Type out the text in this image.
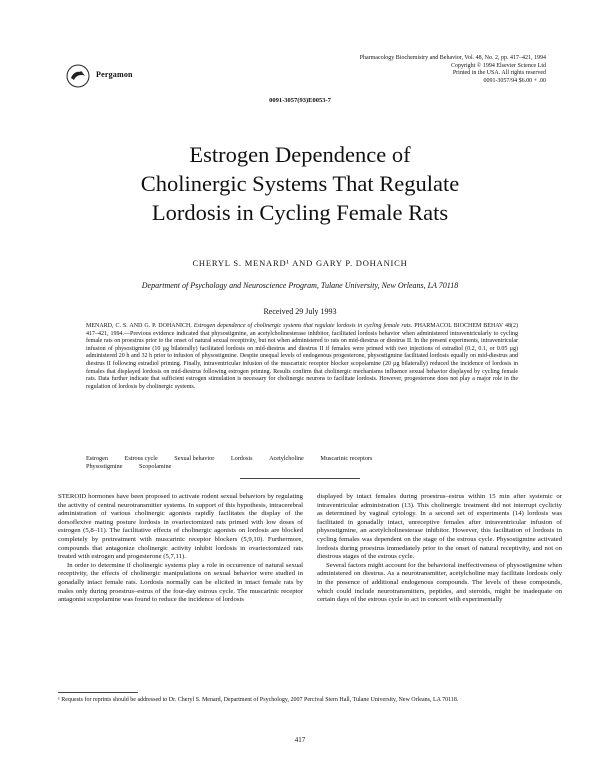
Pergamon
Pharmacology Biochemistry and Behavior, Vol. 48, No. 2, pp. 417–421, 1994
Copyright © 1994 Elsevier Science Ltd
Printed in the USA. All rights reserved
0091-3057/94 $6.00 + .00
0091-3057(93)E0053-7
Estrogen Dependence of
Cholinergic Systems That Regulate
Lordosis in Cycling Female Rats
CHERYL S. MENARD¹ AND GARY P. DOHANICH
Department of Psychology and Neuroscience Program, Tulane University, New Orleans, LA 70118
Received 29 July 1993
MENARD, C. S. AND G. P. DOHANICH. Estrogen dependence of cholinergic systems that regulate lordosis in cycling female rats. PHARMACOL BIOCHEM BEHAV 48(2) 417–421, 1994.—Previous evidence indicated that physostigmine, an acetylcholinesterase inhibitor, facilitated lordosis behavior when administered intraventricularly to cycling female rats on proestrus prior to the onset of natural sexual receptivity, but not when administered to rats on mid-diestrus or diestrus II. In the present experiments, intraventricular infusion of physostigmine (10 µg bilaterally) facilitated lordosis on mid-diestrus and diestrus II if females were primed with two injections of estradiol (0.2, 0.1, or 0.05 µg) administered 20 h and 32 h prior to infusion of physostigmine. Despite unequal levels of endogenous progesterone, physostigmine facilitated lordosis equally on mid-diestrus and diestrus II following estradiol priming. Finally, intraventricular infusion of the muscarinic receptor blocker scopolamine (20 µg bilaterally) reduced the incidence of lordosis in females that displayed lordosis on mid-diestrus following estrogen priming. Results confirm that cholinergic mechanisms influence sexual behavior displayed by cycling female rats. Data further indicate that sufficient estrogen stimulation is necessary for cholinergic neurons to facilitate lordosis. However, progesterone does not play a major role in the regulation of lordosis by cholinergic systems.
Estrogen	Estrous cycle	Sexual behavior	Lordosis	Acetylcholine	Muscarinic receptors
Physostigmine	Scopolamine

STEROID hormones have been proposed to activate rodent sexual behaviors by regulating the activity of central neurotransmitter systems. In support of this hypothesis, intracerebral administration of various cholinergic agonists rapidly facilitates the display of the dorsoflexive mating posture lordosis in ovariectomized rats primed with low doses of estrogen (5,8–11). The facilitative effects of cholinergic agonists on lordosis are blocked completely by pretreatment with muscarinic receptor blockers (5,9,10). Furthermore, compounds that antagonize cholinergic activity inhibit lordosis in ovariectomized rats treated with estrogen and progesterone (5,7,11).

In order to determine if cholinergic systems play a role in occurrence of natural sexual receptivity, the effects of cholinergic manipulations on sexual behavior were studied in gonadally intact female rats. Lordosis normally can be elicited in intact female rats by males only during proestrus–estrus of the four-day estrous cycle. The muscarinic receptor antagonist scopolamine was found to reduce the incidence of lordosis

displayed by intact females during proestrus–estrus within 15 min after systemic or intraventricular administration (13). This cholinergic treatment did not interrupt cyclicity as determined by vaginal cytology. In a second set of experiments (14) lordosis was facilitated in gonadally intact, unreceptive females after intraventricular infusion of physostigmine, an acetylcholinesterase inhibitor. However, this facilitation of lordosis in cycling females was dependent on the stage of the estrous cycle. Physostigmine activated lordosis during proestrus immediately prior to the onset of natural receptivity, and not on diestrous stages of the estrous cycle.

Several factors might account for the behavioral ineffectiveness of physostigmine when administered on diestrus. As a neurotransmitter, acetylcholine may facilitate lordosis only in the presence of additional endogenous compounds. The levels of these compounds, which could include neurotransmitters, peptides, and steroids, might be inadequate on certain days of the estrous cycle to act in concert with experimentally

¹ Requests for reprints should be addressed to Dr. Cheryl S. Menard, Department of Psychology, 2007 Percival Stern Hall, Tulane University, New Orleans, LA 70118.
417
